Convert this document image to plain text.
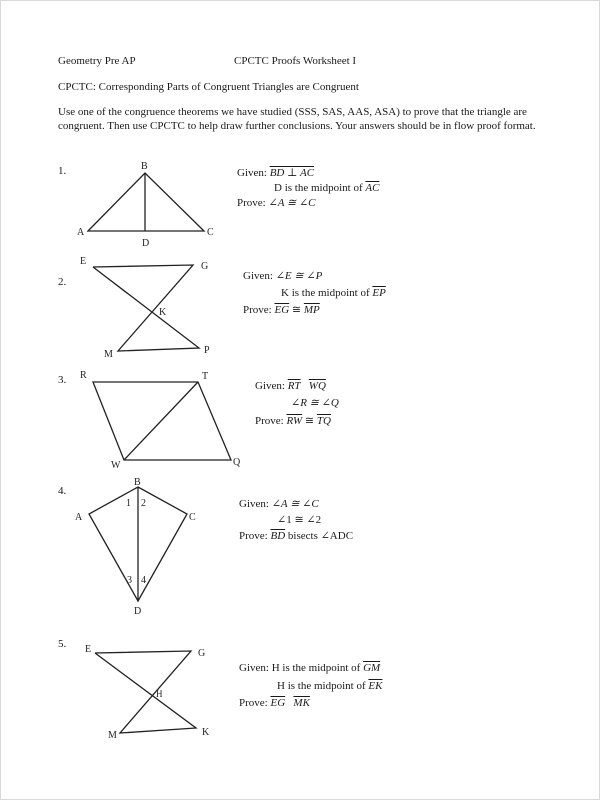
Geometry Pre AP	CPCTC Proofs Worksheet I
CPCTC: Corresponding Parts of Congruent Triangles are Congruent
Use one of the congruence theorems we have studied (SSS, SAS, AAS, ASA) to prove that the triangle are congruent. Then use CPCTC to help draw further conclusions. Your answers should be in flow proof format.
1.	B
A
D
C
Given: BD ⊥ AC
D is the midpoint of $\overline{AC}$
Prove: ∠A ≅ ∠C
2.
E	G
K
M	P
Given: ∠E ≅ ∠P
K is the midpoint of $\overline{EP}$
Prove: $\overline{EG}$ ≅ $\overline{MP}$
3. R	T
W	Q
Given: $\overline{RT}$ $\overline{WQ}$
∠R ≅ ∠Q
Prove: $\overline{RW}$ ≅ $\overline{TQ}$
4.
B
A	C
D
1 2
3 4
Given: ∠A ≅ ∠C
∠1 ≅ ∠2
Prove: $\overline{BD}$ bisects ∠ADC
5. E	G
H
M	K
Given: H is the midpoint of $\overline{GM}$
H is the midpoint of $\overline{EK}$
Prove: $\overline{EG}$ $\overline{MK}$
